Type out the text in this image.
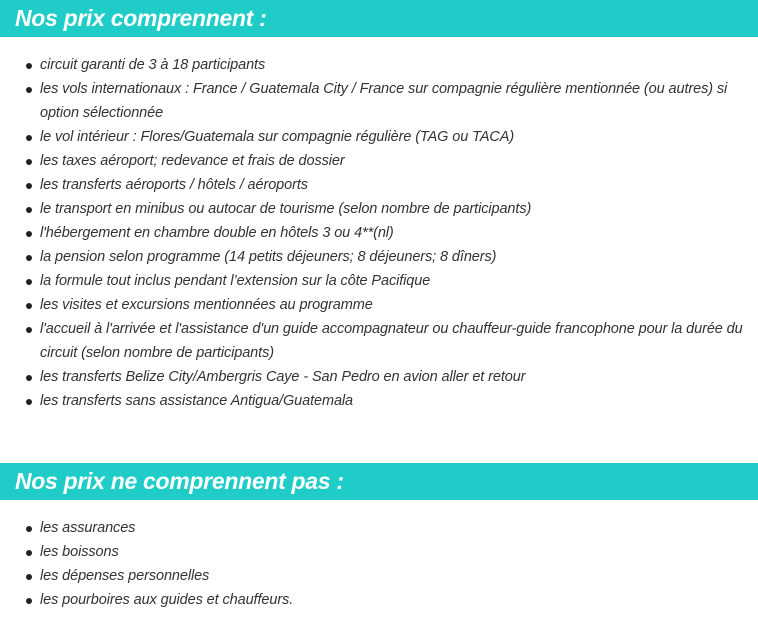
Nos prix comprennent :
circuit garanti de 3 à 18 participants
les vols internationaux : France / Guatemala City / France sur compagnie régulière mentionnée (ou autres) si option sélectionnée
le vol intérieur : Flores/Guatemala sur compagnie régulière (TAG ou TACA)
les taxes aéroport; redevance et frais de dossier
les transferts aéroports / hôtels / aéroports
le transport en minibus ou autocar de tourisme (selon nombre de participants)
l'hébergement en chambre double en hôtels 3 ou 4**(nl)
la pension selon programme (14 petits déjeuners; 8 déjeuners; 8 dîners)
la formule tout inclus pendant l’extension sur la côte Pacifique
les visites et excursions mentionnées au programme
l'accueil à l'arrivée et l'assistance d'un guide accompagnateur ou chauffeur-guide francophone pour la durée du circuit (selon nombre de participants)
les transferts Belize City/Ambergris Caye - San Pedro en avion aller et retour
les transferts sans assistance Antigua/Guatemala
Nos prix ne comprennent pas :
les assurances
les boissons
les dépenses personnelles
les pourboires aux guides et chauffeurs.
